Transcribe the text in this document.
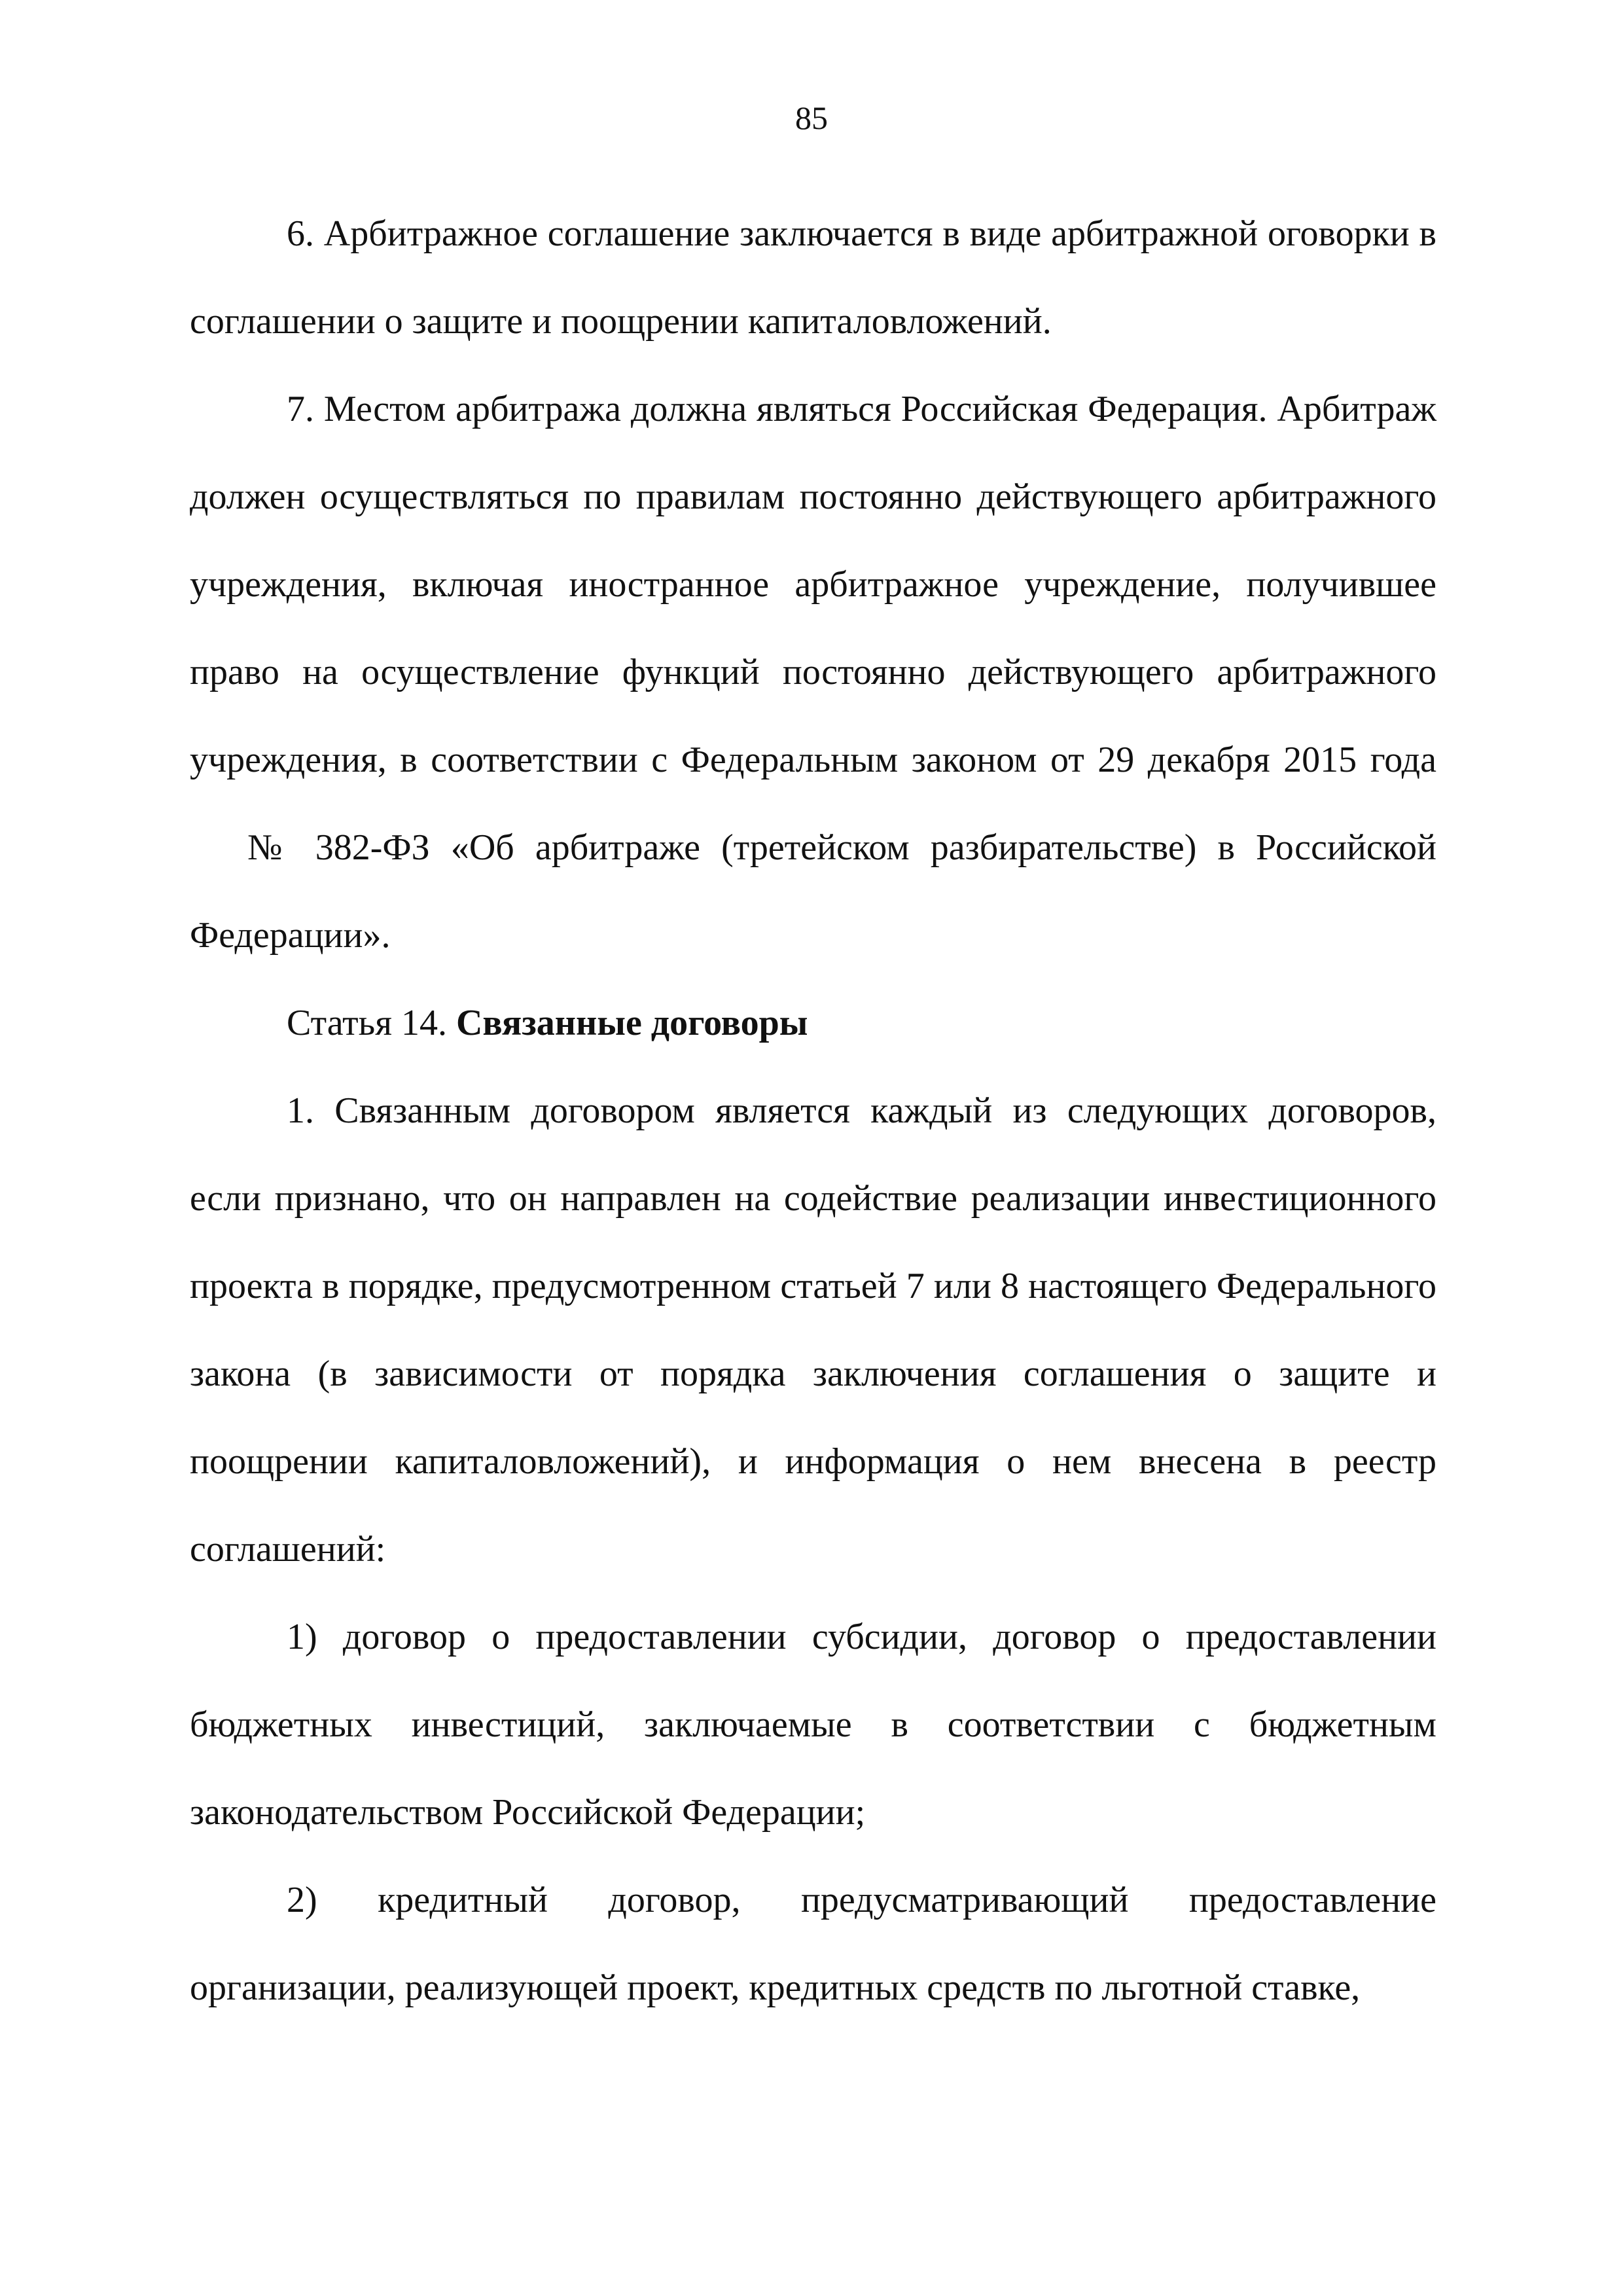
85

6. Арбитражное соглашение заключается в виде арбитражной оговорки в соглашении о защите и поощрении капиталовложений.

7. Местом арбитража должна являться Российская Федерация. Арбитраж должен осуществляться по правилам постоянно действующего арбитражного учреждения, включая иностранное арбитражное учреждение, получившее право на осуществление функций постоянно действующего арбитражного учреждения, в соответствии с Федеральным законом от 29 декабря 2015 года№ 382-ФЗ «Об арбитраже (третейском разбирательстве) в Российской Федерации».

Статья 14. Связанные договоры

1. Связанным договором является каждый из следующих договоров, если признано, что он направлен на содействие реализации инвестиционного проекта в порядке, предусмотренном статьей 7 или 8 настоящего Федерального закона (в зависимости от порядка заключения соглашения о защите и поощрении капиталовложений), и информация о нем внесена в реестр соглашений:

1) договор о предоставлении субсидии, договор о предоставлении бюджетных инвестиций, заключаемые в соответствии с бюджетным законодательством Российской Федерации;

2) кредитный договор, предусматривающий предоставление организации, реализующей проект, кредитных средств по льготной ставке,
